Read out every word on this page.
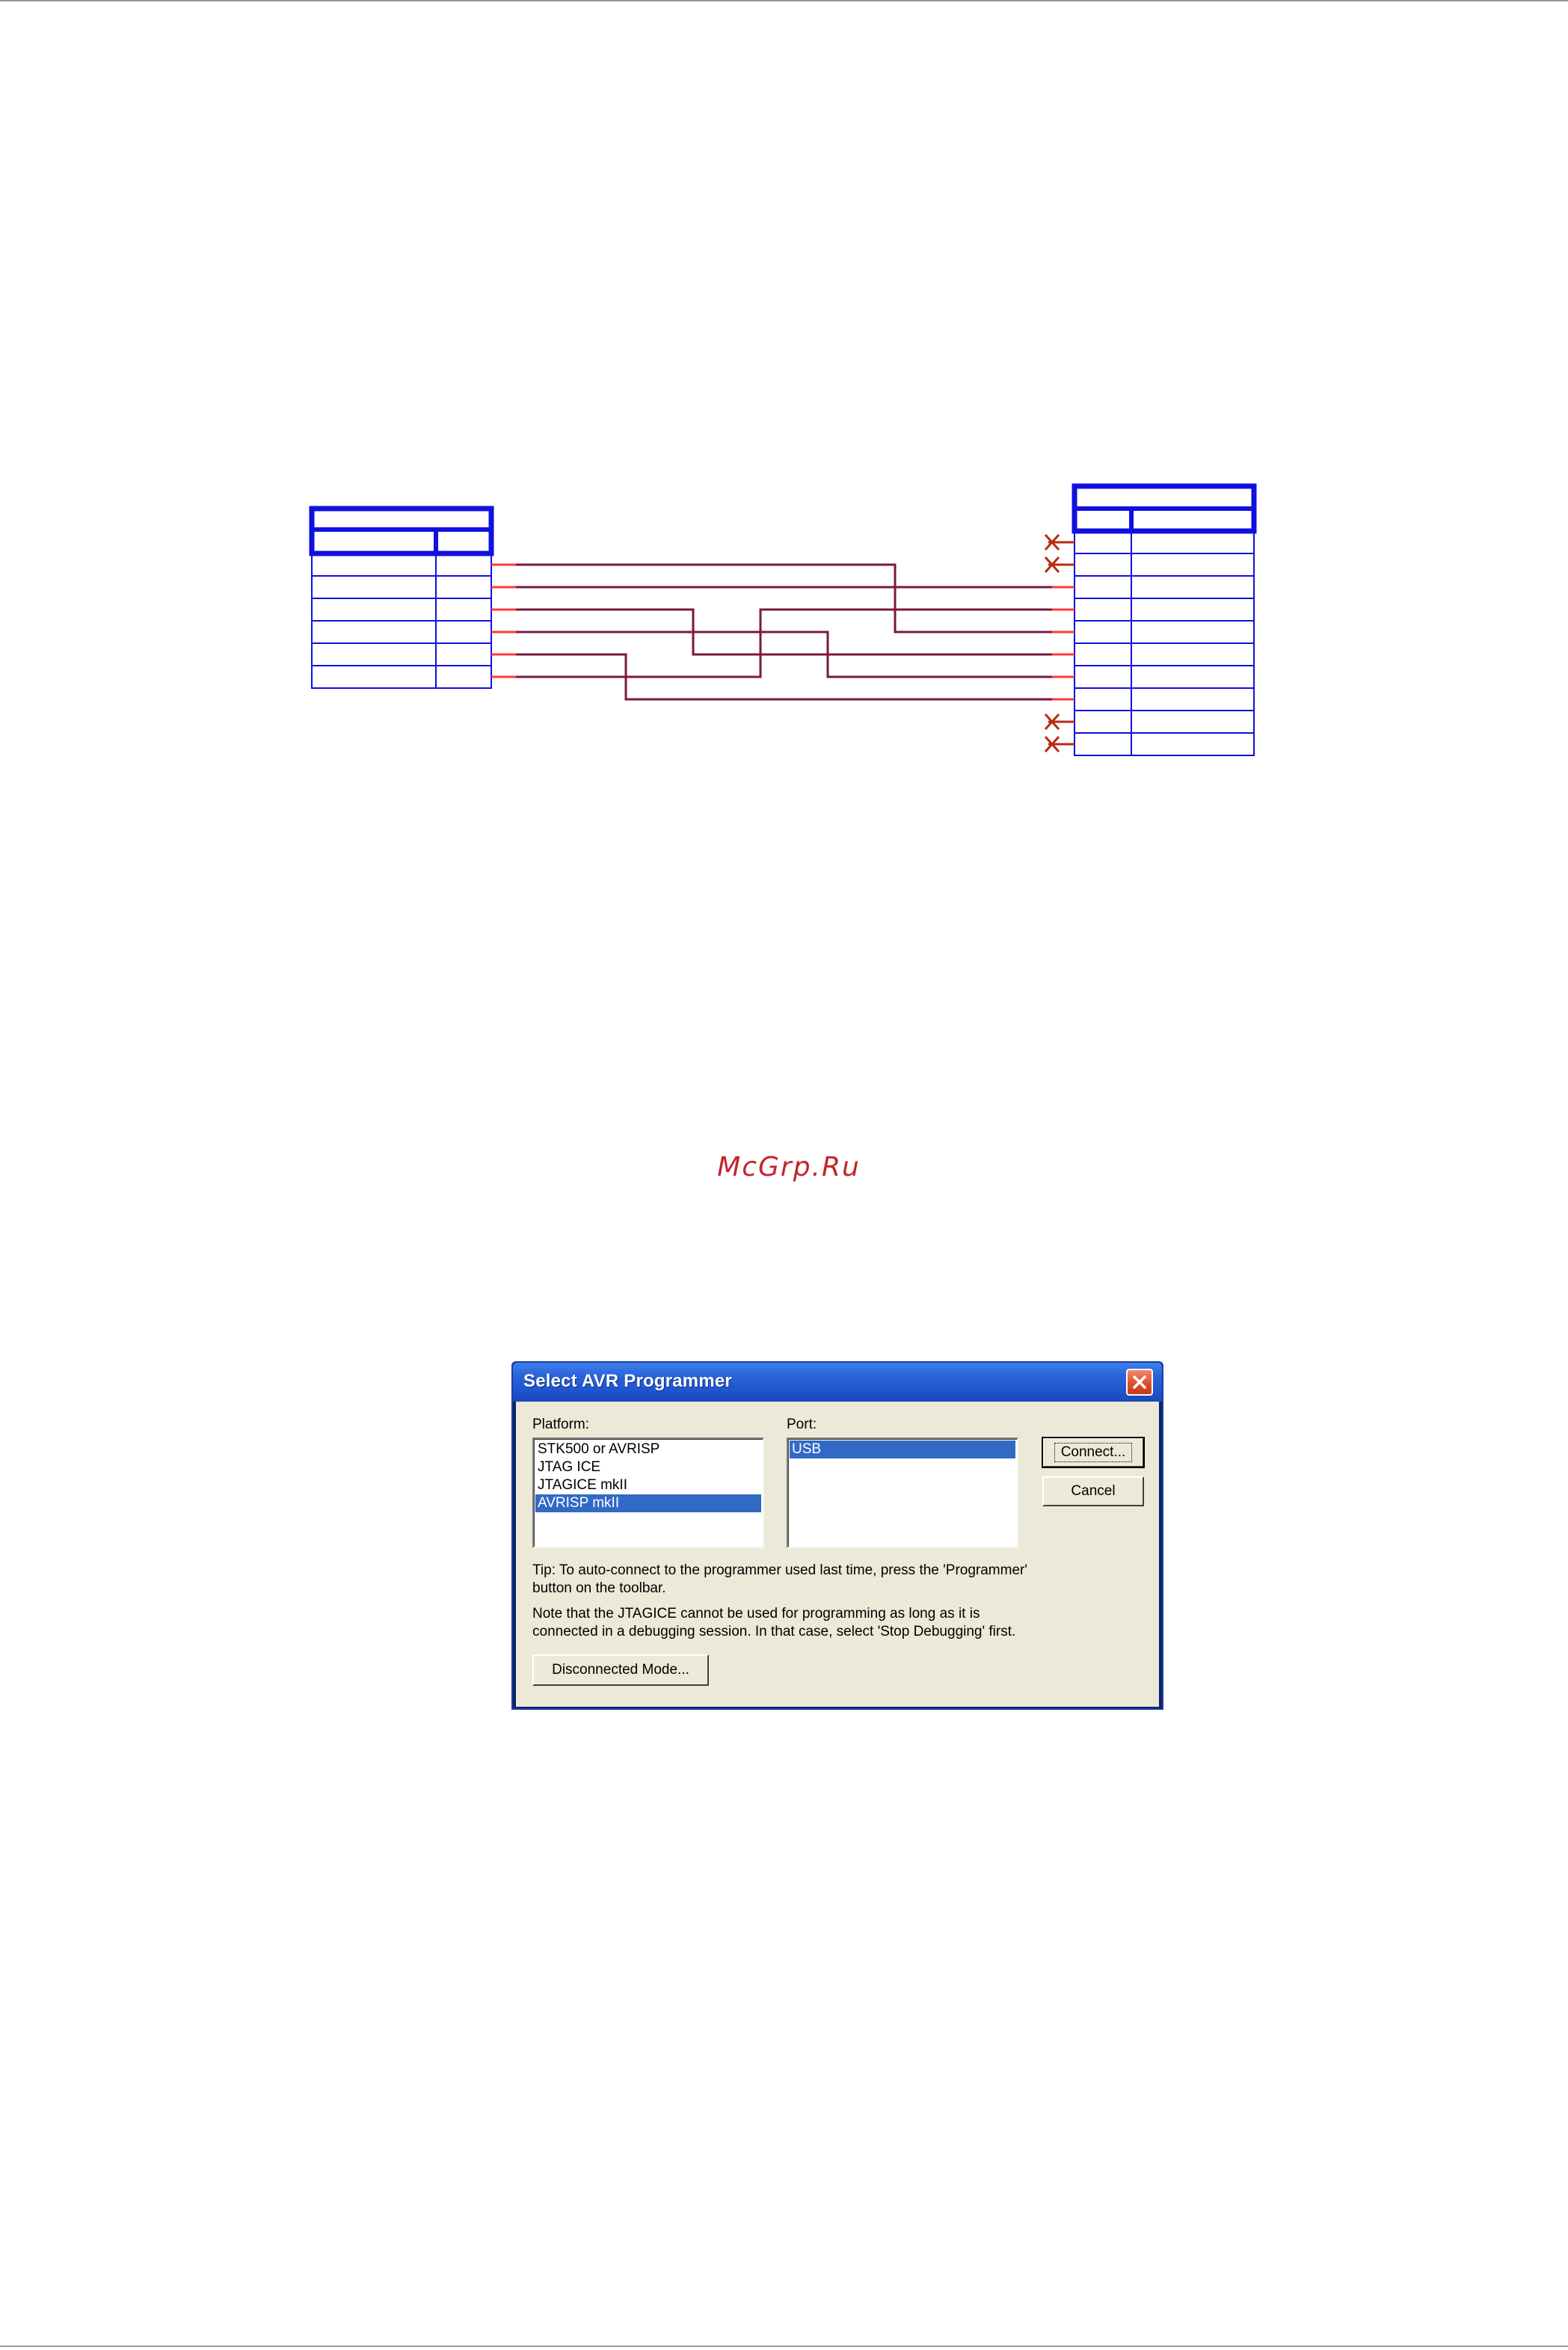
McGrp.Ru
Select AVR Programmer
Platform:
STK500 or AVRISP
JTAG ICE
JTAGICE mkII
AVRISP mkII
Port:
USB	Connect...
Cancel
Tip: To auto-connect to the programmer used last time, press the 'Programmer'
button on the toolbar.
Note that the JTAGICE cannot be used for programming as long as it is
connected in a debugging session. In that case, select 'Stop Debugging' first.
Disconnected Mode...
